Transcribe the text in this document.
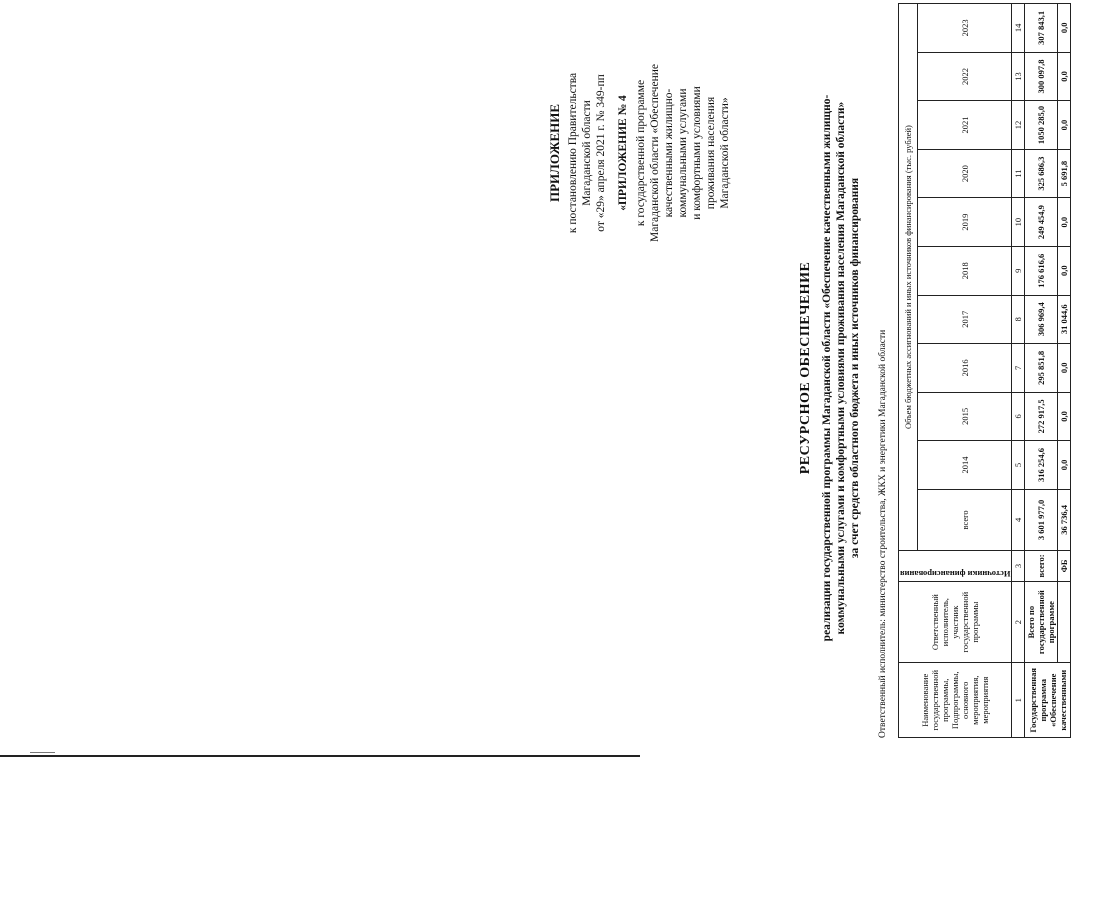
ПРИЛОЖЕНИЕ к постановлению Правительства Магаданской области от «29» апреля 2021 г. № 349-пп «ПРИЛОЖЕНИЕ № 4 к государственной программе Магаданской области «Обеспечение качественными жилищно- коммунальными услугами и комфортными условиями проживания населения Магаданской области»
РЕСУРСНОЕ ОБЕСПЕЧЕНИЕ реализации государственной программы Магаданской области «Обеспечение качественными жилищно- коммунальными услугами и комфортными условиями проживания населения Магаданской области» за счет средств областного бюджета и иных источников финансирования Ответственный исполнитель: министерство строительства, ЖКХ и энергетики Магаданской области	Наименование государственной программы, Подпрограммы, основного мероприятия, мероприятия	Ответственный исполнитель, участник государственной программы	Источники финансирования	Объем бюджетных ассигнований и иных источников финансирования (тыс. рублей)										
			всего	2014	2015	2016	2017	2018	2019	2020	2021	2022	2023
1	2	3	4	5	6	7	8	9	10	11	12	13	14
Государственная программа «Обеспечение качественными	Всего по государственной программе	всего:	3 601 977,0	316 254,6	272 917,5	295 851,8	306 969,4	176 616,6	249 454,9	325 686,3	1050 285,0	300 097,8	307 843,1
		ФБ	36 736,4	0,0	0,0	0,0	31 044,6	0,0	0,0	5 691,8	0,0	0,0	0,0
